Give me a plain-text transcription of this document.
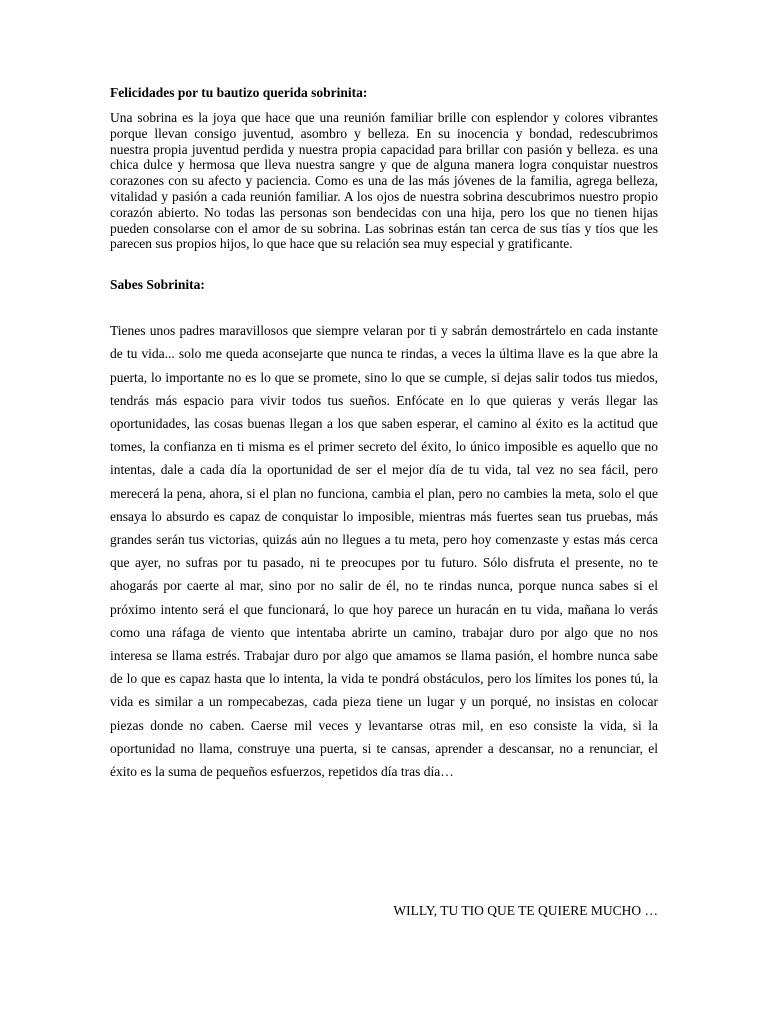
Felicidades por tu bautizo querida sobrinita:

Una sobrina es la joya que hace que una reunión familiar brille con esplendor y colores vibrantes porque llevan consigo juventud, asombro y belleza. En su inocencia y bondad, redescubrimos nuestra propia juventud perdida y nuestra propia capacidad para brillar con pasión y belleza. es una chica dulce y hermosa que lleva nuestra sangre y que de alguna manera logra conquistar nuestros corazones con su afecto y paciencia. Como es una de las más jóvenes de la familia, agrega belleza, vitalidad y pasión a cada reunión familiar. A los ojos de nuestra sobrina descubrimos nuestro propio corazón abierto. No todas las personas son bendecidas con una hija, pero los que no tienen hijas pueden consolarse con el amor de su sobrina. Las sobrinas están tan cerca de sus tías y tíos que les parecen sus propios hijos, lo que hace que su relación sea muy especial y gratificante.

Sabes Sobrinita:

Tienes unos padres maravillosos que siempre velaran por ti y sabrán demostrártelo en cada instante de tu vida... solo me queda aconsejarte que nunca te rindas, a veces la última llave es la que abre la puerta, lo importante no es lo que se promete, sino lo que se cumple, si dejas salir todos tus miedos, tendrás más espacio para vivir todos tus sueños. Enfócate en lo que quieras y verás llegar las oportunidades, las cosas buenas llegan a los que saben esperar, el camino al éxito es la actitud que tomes, la confianza en ti misma es el primer secreto del éxito, lo único imposible es aquello que no intentas, dale a cada día la oportunidad de ser el mejor día de tu vida, tal vez no sea fácil, pero merecerá la pena, ahora, si el plan no funciona, cambia el plan, pero no cambies la meta, solo el que ensaya lo absurdo es capaz de conquistar lo imposible, mientras más fuertes sean tus pruebas, más grandes serán tus victorias, quizás aún no llegues a tu meta, pero hoy comenzaste y estas más cerca que ayer, no sufras por tu pasado, ni te preocupes por tu futuro. Sólo disfruta el presente, no te ahogarás por caerte al mar, sino por no salir de él, no te rindas nunca, porque nunca sabes si el próximo intento será el que funcionará, lo que hoy parece un huracán en tu vida, mañana lo verás como una ráfaga de viento que intentaba abrirte un camino, trabajar duro por algo que no nos interesa se llama estrés. Trabajar duro por algo que amamos se llama pasión, el hombre nunca sabe de lo que es capaz hasta que lo intenta, la vida te pondrá obstáculos, pero los límites los pones tú, la vida es similar a un rompecabezas, cada pieza tiene un lugar y un porqué, no insistas en colocar piezas donde no caben. Caerse mil veces y levantarse otras mil, en eso consiste la vida, si la oportunidad no llama, construye una puerta, si te cansas, aprender a descansar, no a renunciar, el éxito es la suma de pequeños esfuerzos, repetidos día tras día…

WILLY, TU TIO QUE TE QUIERE MUCHO …
